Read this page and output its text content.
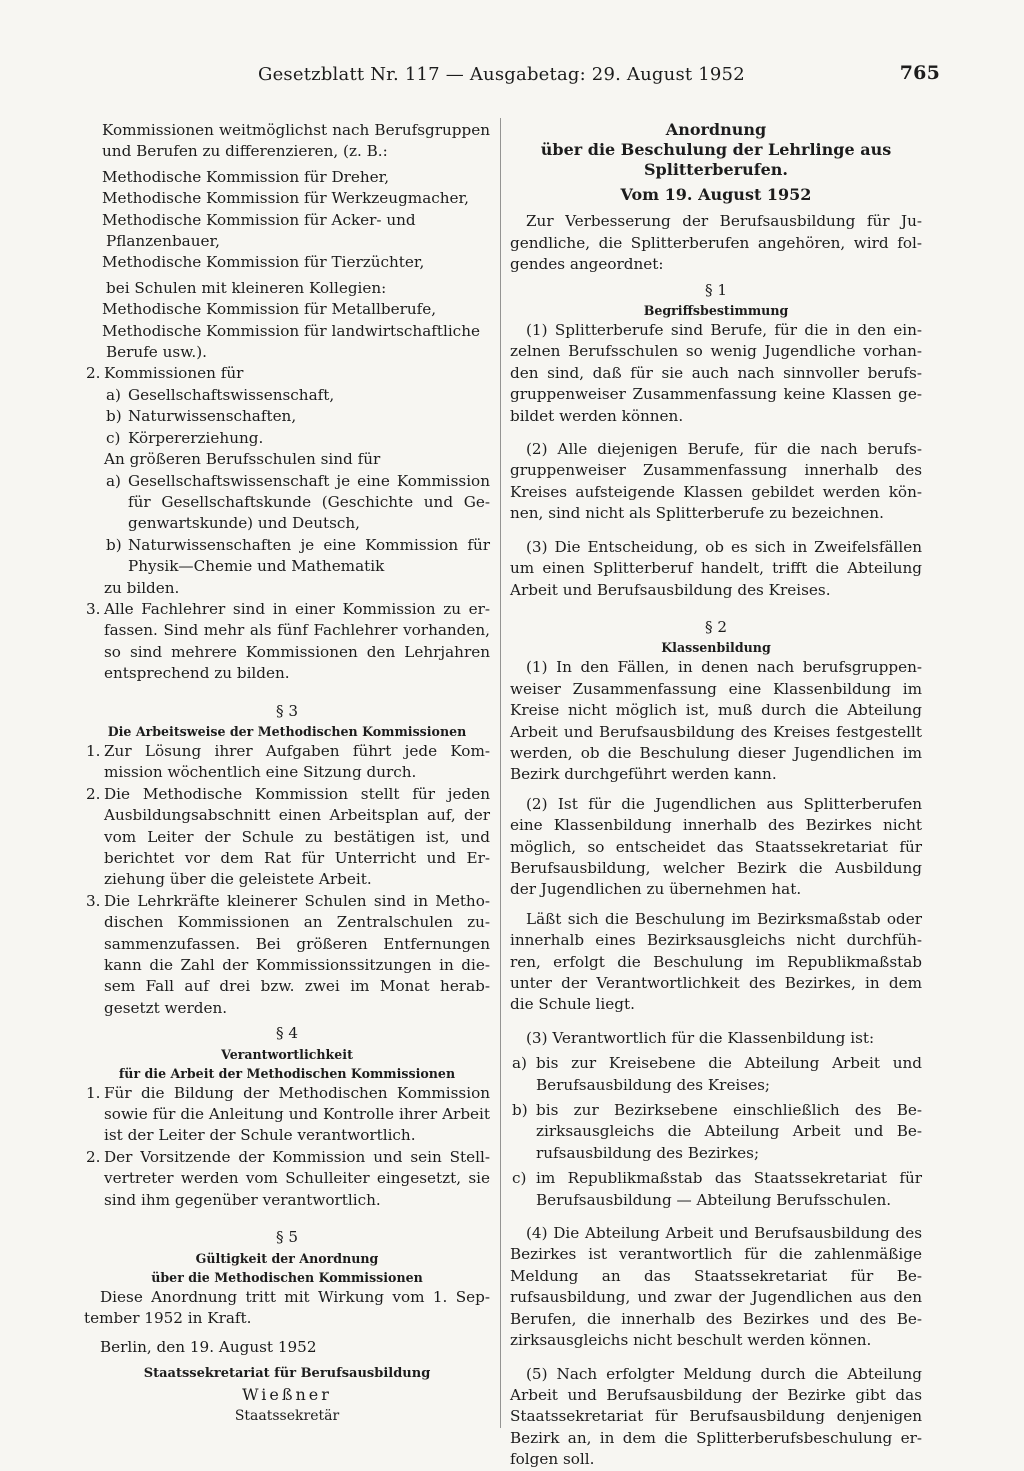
Gesetzblatt Nr. 117 — Ausgabetag: 29. August 1952	765

Kommissionen weitmöglichst nach Berufsgruppen und Berufen zu differenzieren, (z. B.:

Methodische Kommission für Dreher,

Methodische Kommission für Werkzeugmacher,

Methodische Kommission für Acker- und Pflanzenbauer,

Methodische Kommission für Tierzüchter,

bei Schulen mit kleineren Kollegien:

Methodische Kommission für Metallberufe,

Methodische Kommission für landwirtschaftliche Berufe usw.).

2. Kommissionen für
a) Gesellschaftswissenschaft,
b) Naturwissenschaften,
c) Körpererziehung.

An größeren Berufsschulen sind für

a) Gesellschaftswissenschaft je eine Kommission für Gesellschaftskunde (Geschichte und Gegenwartskunde) und Deutsch,
b) Naturwissenschaften je eine Kommission für Physik—Chemie und Mathematik

zu bilden.

3. Alle Fachlehrer sind in einer Kommission zu erfassen. Sind mehr als fünf Fachlehrer vorhanden, so sind mehrere Kommissionen den Lehrjahren entsprechend zu bilden.

§ 3

Die Arbeitsweise der Methodischen Kommissionen

1. Zur Lösung ihrer Aufgaben führt jede Kommission wöchentlich eine Sitzung durch.
2. Die Methodische Kommission stellt für jeden Ausbildungsabschnitt einen Arbeitsplan auf, der vom Leiter der Schule zu bestätigen ist, und berichtet vor dem Rat für Unterricht und Erziehung über die geleistete Arbeit.
3. Die Lehrkräfte kleinerer Schulen sind in Methodischen Kommissionen an Zentralschulen zusammenzufassen. Bei größeren Entfernungen kann die Zahl der Kommissionssitzungen in diesem Fall auf drei bzw. zwei im Monat herabgesetzt werden.

§ 4

Verantwortlichkeit

für die Arbeit der Methodischen Kommissionen

1. Für die Bildung der Methodischen Kommission sowie für die Anleitung und Kontrolle ihrer Arbeit ist der Leiter der Schule verantwortlich.
2. Der Vorsitzende der Kommission und sein Stellvertreter werden vom Schulleiter eingesetzt, sie sind ihm gegenüber verantwortlich.

§ 5

Gültigkeit der Anordnung

über die Methodischen Kommissionen

Diese Anordnung tritt mit Wirkung vom 1. September 1952 in Kraft.

Berlin, den 19. August 1952

Staatssekretariat für Berufsausbildung

Wießner

Staatssekretär

Anordnung

über die Beschulung der Lehrlinge aus

Splitterberufen.

Vom 19. August 1952

Zur Verbesserung der Berufsausbildung für Jugendliche, die Splitterberufen angehören, wird folgendes angeordnet:

§ 1

Begriffsbestimmung

(1) Splitterberufe sind Berufe, für die in den einzelnen Berufsschulen so wenig Jugendliche vorhanden sind, daß für sie auch nach sinnvoller berufsgruppenweiser Zusammenfassung keine Klassen gebildet werden können.

(2) Alle diejenigen Berufe, für die nach berufsgruppenweiser Zusammenfassung innerhalb des Kreises aufsteigende Klassen gebildet werden können, sind nicht als Splitterberufe zu bezeichnen.

(3) Die Entscheidung, ob es sich in Zweifelsfällen um einen Splitterberuf handelt, trifft die Abteilung Arbeit und Berufsausbildung des Kreises.

§ 2

Klassenbildung

(1) In den Fällen, in denen nach berufsgruppenweiser Zusammenfassung eine Klassenbildung im Kreise nicht möglich ist, muß durch die Abteilung Arbeit und Berufsausbildung des Kreises festgestellt werden, ob die Beschulung dieser Jugendlichen im Bezirk durchgeführt werden kann.

(2) Ist für die Jugendlichen aus Splitterberufen eine Klassenbildung innerhalb des Bezirkes nicht möglich, so entscheidet das Staatssekretariat für Berufsausbildung, welcher Bezirk die Ausbildung der Jugendlichen zu übernehmen hat.

Läßt sich die Beschulung im Bezirksmaßstab oder innerhalb eines Bezirksausgleichs nicht durchführen, erfolgt die Beschulung im Republikmaßstab unter der Verantwortlichkeit des Bezirkes, in dem die Schule liegt.

(3) Verantwortlich für die Klassenbildung ist:

a) bis zur Kreisebene die Abteilung Arbeit und Berufsausbildung des Kreises;
b) bis zur Bezirksebene einschließlich des Bezirksausgleichs die Abteilung Arbeit und Berufsausbildung des Bezirkes;
c) im Republikmaßstab das Staatssekretariat für Berufsausbildung — Abteilung Berufsschulen.

(4) Die Abteilung Arbeit und Berufsausbildung des Bezirkes ist verantwortlich für die zahlenmäßige Meldung an das Staatssekretariat für Berufsausbildung, und zwar der Jugendlichen aus den Berufen, die innerhalb des Bezirkes und des Bezirksausgleichs nicht beschult werden können.

(5) Nach erfolgter Meldung durch die Abteilung Arbeit und Berufsausbildung der Bezirke gibt das Staatssekretariat für Berufsausbildung denjenigen Bezirk an, in dem die Splitterberufsbeschulung erfolgen soll.
